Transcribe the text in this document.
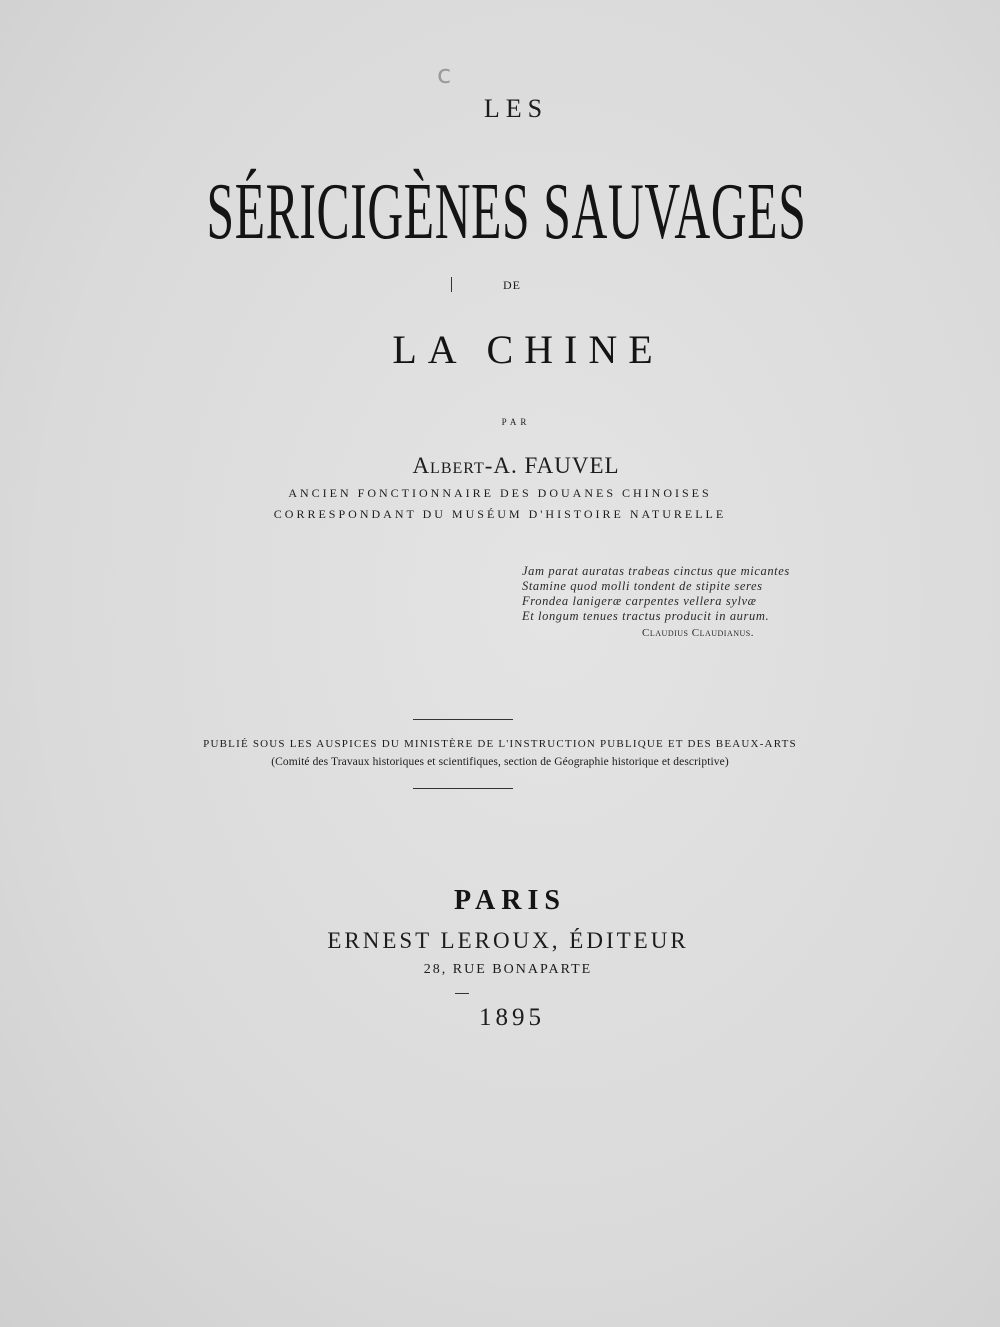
c
LES
SÉRICIGÈNES SAUVAGES
DE
LA CHINE
PAR
Albert-A. FAUVEL
ANCIEN FONCTIONNAIRE DES DOUANES CHINOISES
CORRESPONDANT DU MUSÉUM D'HISTOIRE NATURELLE
Jam parat auratas trabeas cinctus que micantes
Stamine quod molli tondent de stipite seres
Frondea lanigeræ carpentes vellera sylvæ
Et longum tenues tractus producit in aurum.
Claudius Claudianus.
PUBLIÉ SOUS LES AUSPICES DU MINISTÈRE DE L'INSTRUCTION PUBLIQUE ET DES BEAUX-ARTS
(Comité des Travaux historiques et scientifiques, section de Géographie historique et descriptive)
PARIS
ERNEST LEROUX, ÉDITEUR
28, RUE BONAPARTE
1895
